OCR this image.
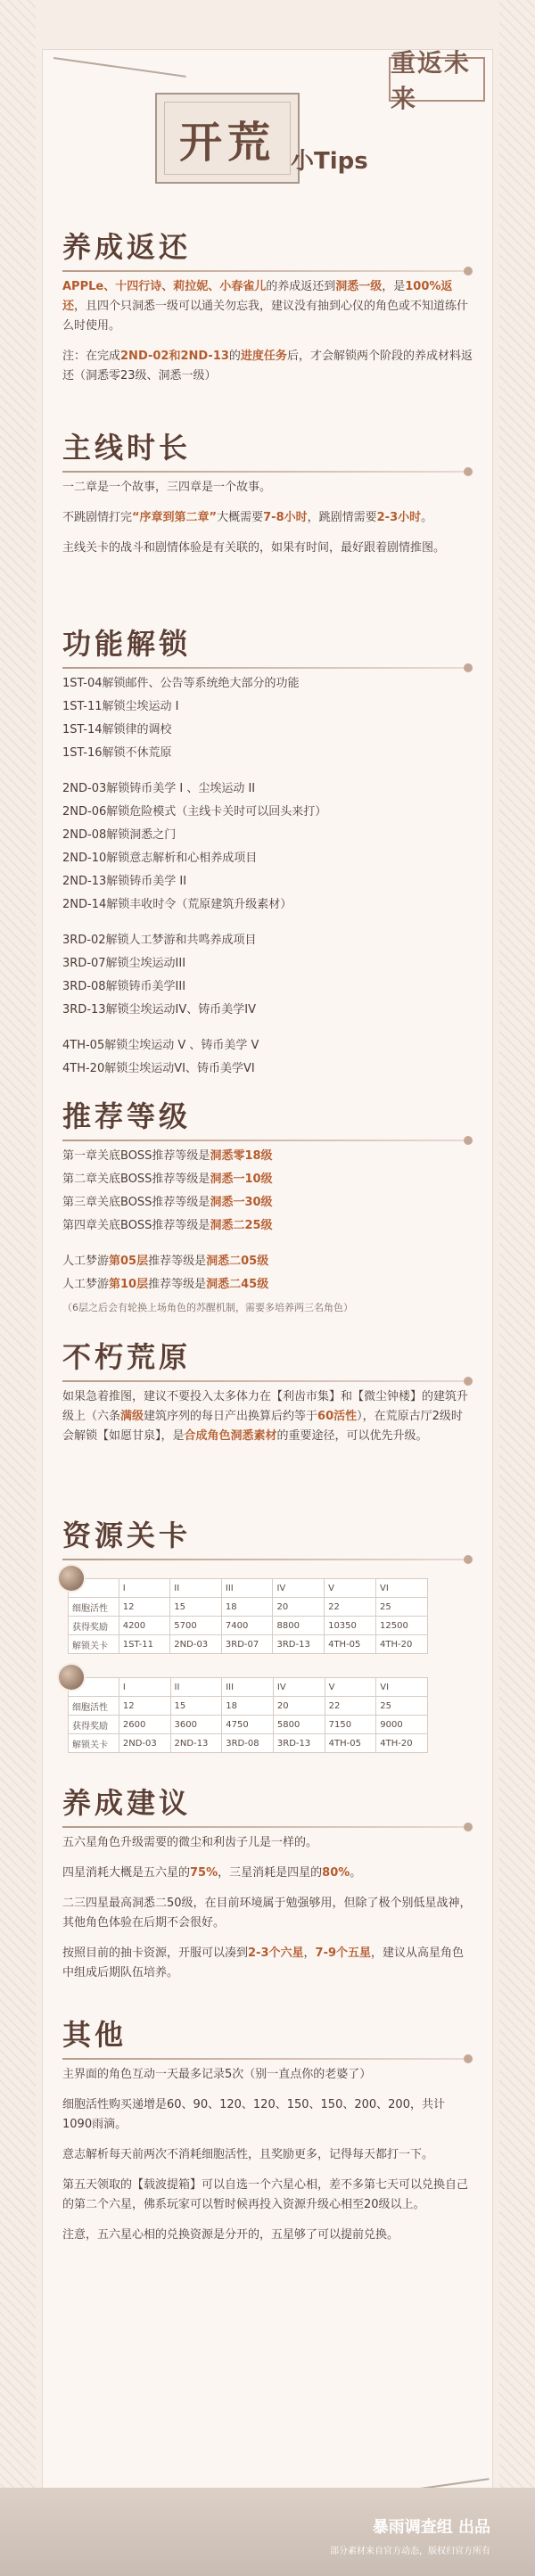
重返未来
开荒 小Tips
养成返还

APPLe、十四行诗、莉拉妮、小春雀儿的养成返还到洞悉一级，是100%返还，且四个只洞悉一级可以通关勿忘我，建议没有抽到心仪的角色或不知道练什么时使用。

注：在完成2ND-02和2ND-13的进度任务后，才会解锁两个阶段的养成材料返还（洞悉零23级、洞悉一级）

主线时长

一二章是一个故事，三四章是一个故事。

不跳剧情打完“序章到第二章”大概需要7-8小时，跳剧情需要2-3小时。

主线关卡的战斗和剧情体验是有关联的，如果有时间，最好跟着剧情推图。

功能解锁

1ST-04解锁邮件、公告等系统绝大部分的功能

1ST-11解锁尘埃运动 I

1ST-14解锁律的调校

1ST-16解锁不休荒原

2ND-03解锁铸币美学 I 、尘埃运动 II

2ND-06解锁危险模式（主线卡关时可以回头来打）

2ND-08解锁洞悉之门

2ND-10解锁意志解析和心相养成项目

2ND-13解锁铸币美学 II

2ND-14解锁丰收时令（荒原建筑升级素材）

3RD-02解锁人工梦游和共鸣养成项目

3RD-07解锁尘埃运动III

3RD-08解锁铸币美学III

3RD-13解锁尘埃运动IV、铸币美学IV

4TH-05解锁尘埃运动 V 、铸币美学 V

4TH-20解锁尘埃运动VI、铸币美学VI

推荐等级

第一章关底BOSS推荐等级是洞悉零18级

第二章关底BOSS推荐等级是洞悉一10级

第三章关底BOSS推荐等级是洞悉一30级

第四章关底BOSS推荐等级是洞悉二25级

人工梦游第05层推荐等级是洞悉二05级

人工梦游第10层推荐等级是洞悉二45级

（6层之后会有轮换上场角色的苏醒机制，需要多培养两三名角色）

不朽荒原

如果急着推图，建议不要投入太多体力在【利齿市集】和【微尘钟楼】的建筑升级上（六条满级建筑序列的每日产出换算后约等于60活性），在荒原古厅2级时会解锁【如愿甘泉】，是合成角色洞悉素材的重要途径，可以优先升级。

资源关卡
	I	II	III	IV	V	VI
细胞活性	12	15	18	20	22	25
获得奖励	4200	5700	7400	8800	10350	12500
解锁关卡	1ST-11	2ND-03	3RD-07	3RD-13	4TH-05	4TH-20
	I	II	III	IV	V	VI
细胞活性	12	15	18	20	22	25
获得奖励	2600	3600	4750	5800	7150	9000
解锁关卡	2ND-03	2ND-13	3RD-08	3RD-13	4TH-05	4TH-20
养成建议

五六星角色升级需要的微尘和利齿子儿是一样的。

四星消耗大概是五六星的75%，三星消耗是四星的80%。

二三四星最高洞悉二50级，在目前环境属于勉强够用，但除了极个别低星战神，其他角色体验在后期不会很好。

按照目前的抽卡资源，开服可以凑到2-3个六星，7-9个五星，建议从高星角色中组成后期队伍培养。

其他

主界面的角色互动一天最多记录5次（别一直点你的老婆了）

细胞活性购买递增是60、90、120、120、150、150、200、200，共计1090雨滴。

意志解析每天前两次不消耗细胞活性，且奖励更多，记得每天都打一下。

第五天领取的【载波提箱】可以自选一个六星心相，差不多第七天可以兑换自己的第二个六星，佛系玩家可以暂时候再投入资源升级心相至20级以上。

注意，五六星心相的兑换资源是分开的，五星够了可以提前兑换。

暴雨调查组 出品
部分素材来自官方动态，版权归官方所有
